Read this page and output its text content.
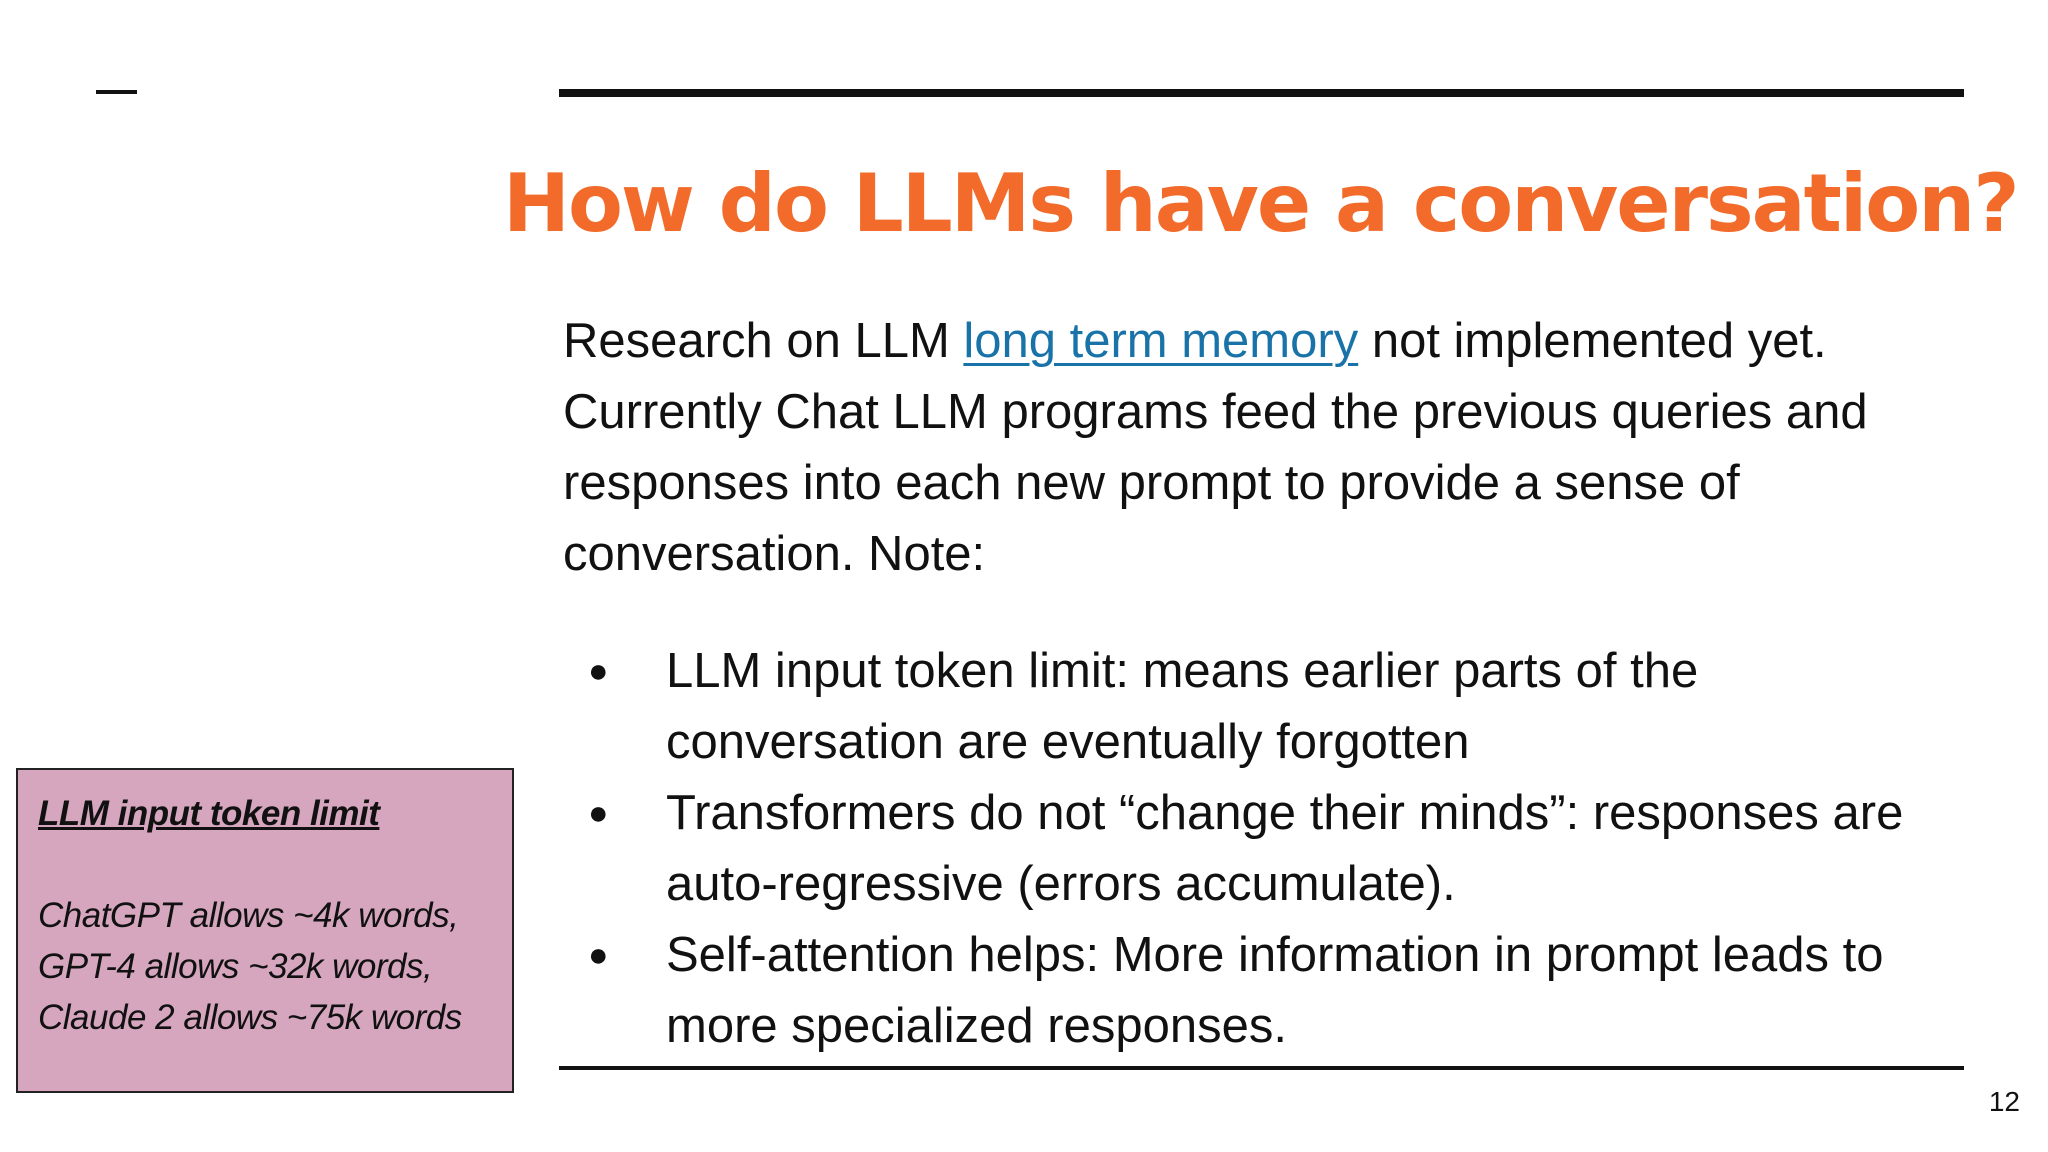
How do LLMs have a conversation?

Research on LLM long term memory not implemented yet. Currently Chat LLM programs feed the previous queries and responses into each new prompt to provide a sense of conversation. Note:

● LLM input token limit: means earlier parts of the conversation are eventually forgotten
● Transformers do not “change their minds”: responses are auto-regressive (errors accumulate).
● Self-attention helps: More information in prompt leads to more specialized responses.

LLM input token limit

ChatGPT allows ~4k words,

GPT-4 allows ~32k words,

Claude 2 allows ~75k words

12
